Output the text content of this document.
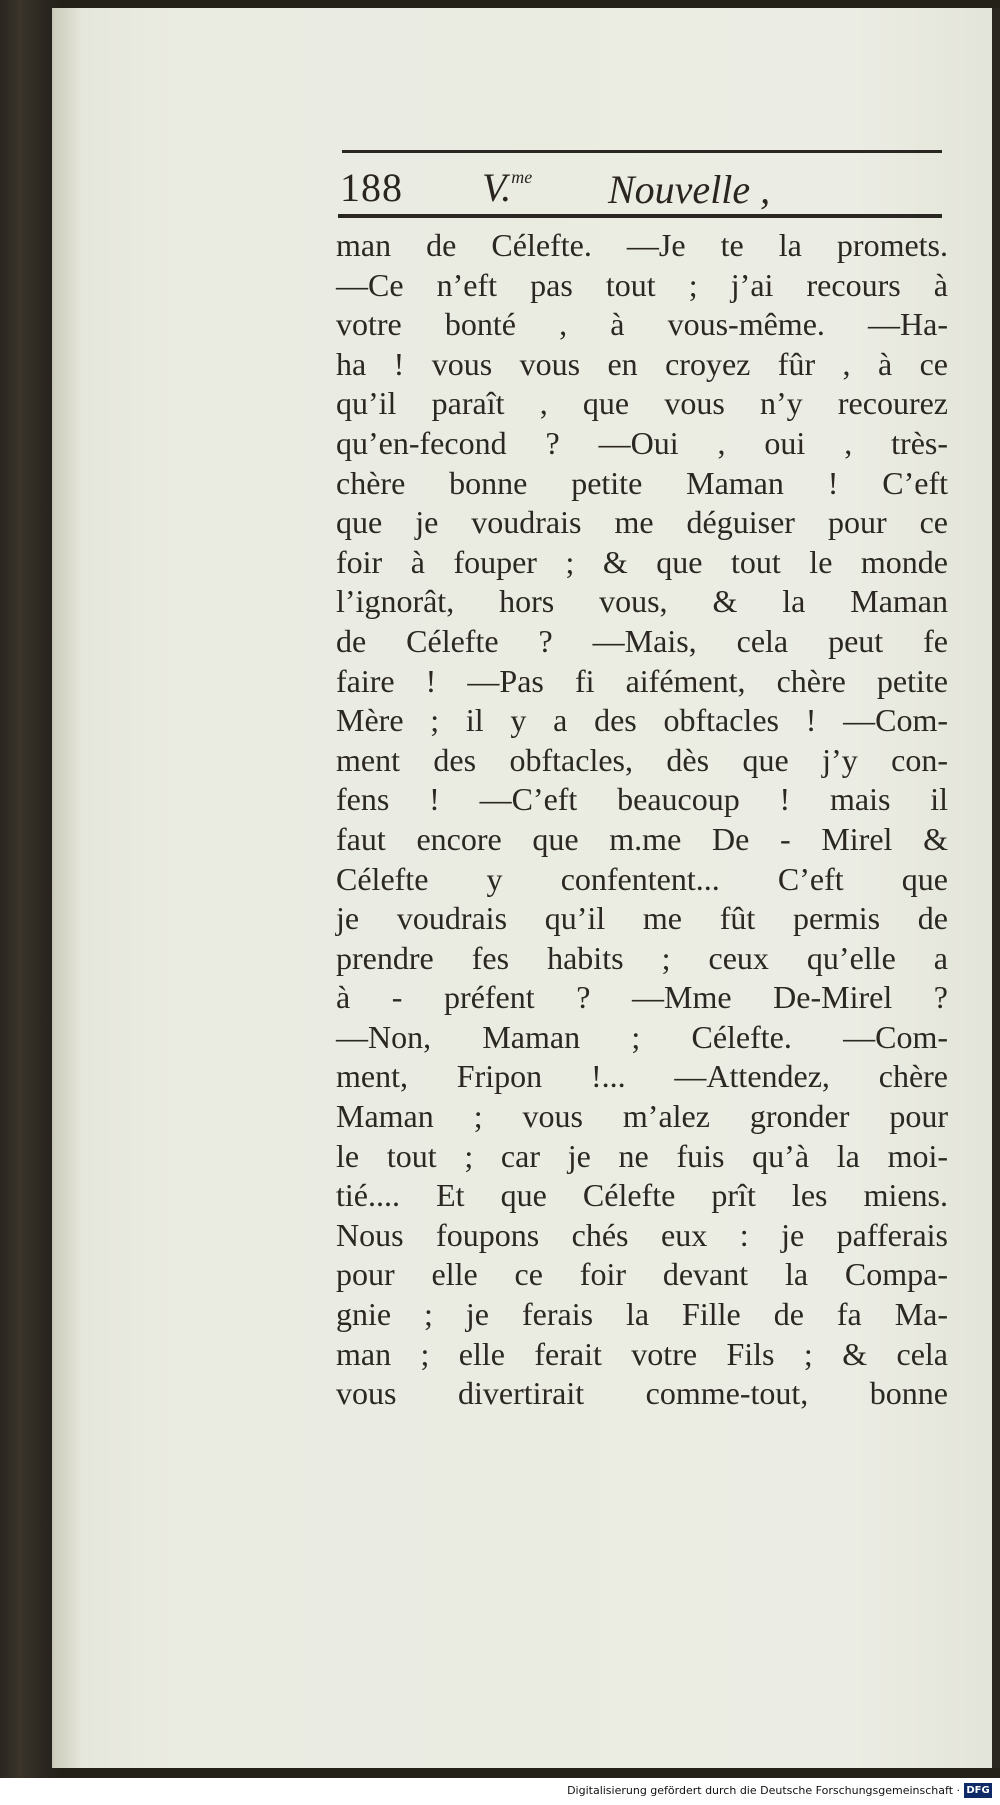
188 V.$^{me}$ Nouvelle ,
man de Célefte. —Je te la promets.
—Ce n’eft pas tout ; j’ai recours à
votre bonté , à vous-même. —Ha-
ha ! vous vous en croyez fûr , à ce
qu’il paraît , que vous n’y recourez
qu’en-fecond ? —Oui , oui , très-
chère bonne petite Maman ! C’eft
que je voudrais me déguiser pour ce
foir à fouper ; & que tout le monde
l’ignorât, hors vous, & la Maman
de Célefte ? —Mais, cela peut fe
faire ! —Pas fi aifément, chère petite
Mère ; il y a des obftacles ! —Com-
ment des obftacles, dès que j’y con-
fens ! —C’eft beaucoup ! mais il
faut encore que m.me De - Mirel &
Célefte y confentent... C’eft que
je voudrais qu’il me fût permis de
prendre fes habits ; ceux qu’elle a
à - préfent ? —Mme De-Mirel ?
—Non, Maman ; Célefte. —Com-
ment, Fripon !... —Attendez, chère
Maman ; vous m’alez gronder pour
le tout ; car je ne fuis qu’à la moi-
tié.... Et que Célefte prît les miens.
Nous foupons chés eux : je pafferais
pour elle ce foir devant la Compa-
gnie ; je ferais la Fille de fa Ma-
man ; elle ferait votre Fils ; & cela
vous divertirait comme-tout, bonne
Digitalisierung gefördert durch die Deutsche Forschungsgemeinschaft · DFG
